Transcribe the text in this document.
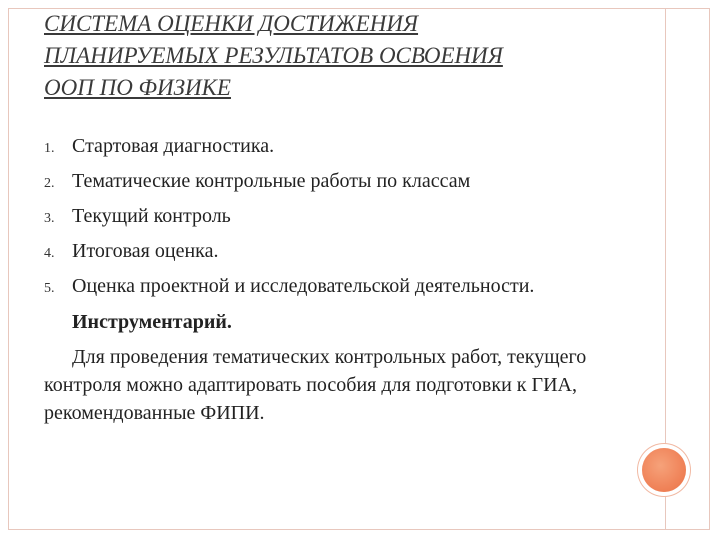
СИСТЕМА ОЦЕНКИ ДОСТИЖЕНИЯ
ПЛАНИРУЕМЫХ РЕЗУЛЬТАТОВ ОСВОЕНИЯ
ООП ПО ФИЗИКЕ
1. Стартовая диагностика.
2. Тематические контрольные работы по классам
3. Текущий контроль
4. Итоговая оценка.
5. Оценка проектной и исследовательской деятельности.
Инструментарий.
Для проведения тематических контрольных работ, текущего контроля можно адаптировать пособия для подготовки к ГИА, рекомендованные ФИПИ.
